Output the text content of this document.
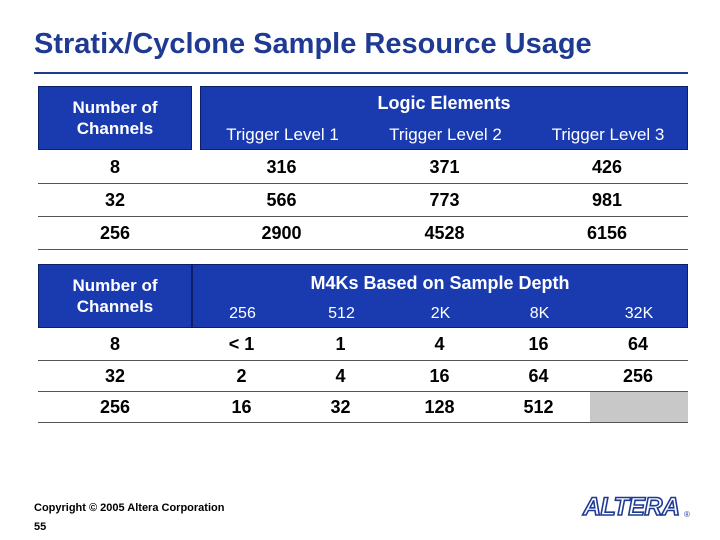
Stratix/Cyclone Sample Resource Usage
Number of Channels
Logic Elements
Trigger Level 1	Trigger Level 2	Trigger Level 3
8	316	371	426
32	566	773	981
256	2900	4528	6156
Number of Channels
M4Ks Based on Sample Depth
256	512	2K	8K	32K
8	< 1	1	4	16	64
32	2	4	16	64	256
256	16	32	128	512
Copyright © 2005 Altera Corporation
55
ALTERA ®
